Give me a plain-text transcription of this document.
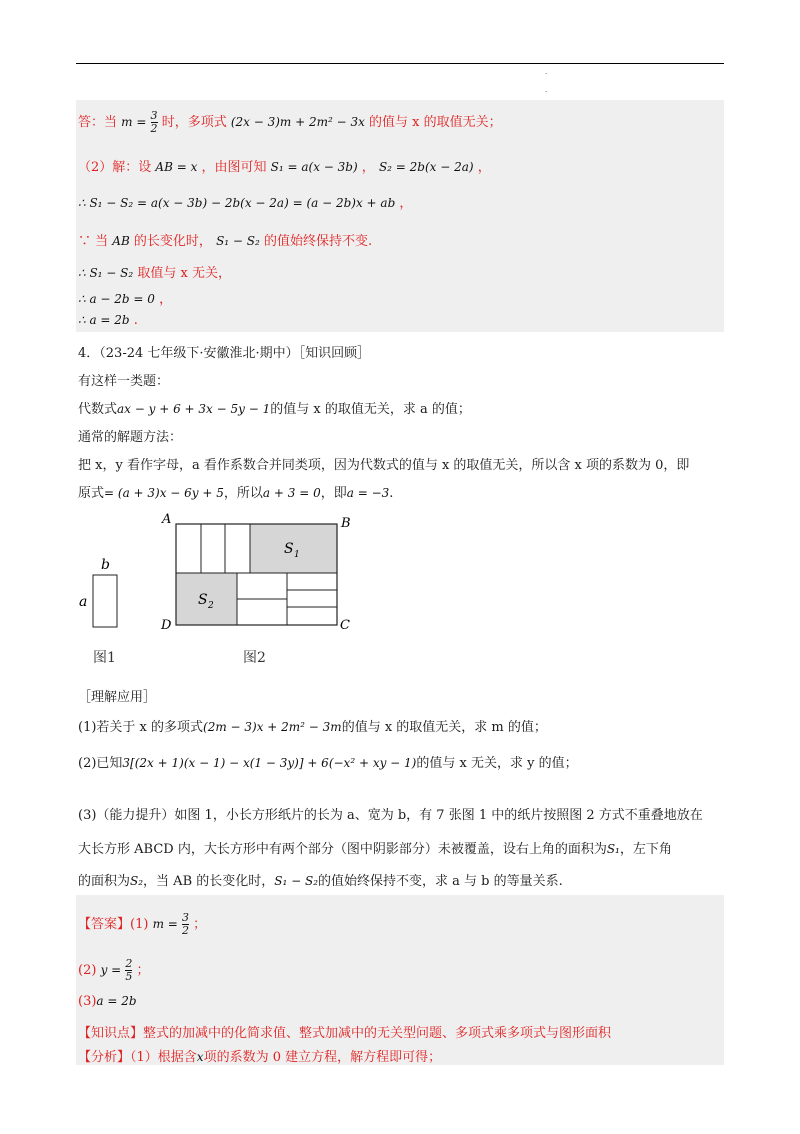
·
·
答：当 $m = \frac{3}{2}$ 时，多项式 (2x − 3)m + 2m² − 3x 的值与 x 的取值无关；
（2）解：设 AB = x ，由图可知 S₁ = a(x − 3b) ， S₂ = 2b(x − 2a) ，
∴ S₁ − S₂ = a(x − 3b) − 2b(x − 2a) = (a − 2b)x + ab ，
∵ 当 AB 的长变化时， S₁ − S₂ 的值始终保持不变.
∴ S₁ − S₂ 取值与 x 无关，
∴ a − 2b = 0 ，
∴ a = 2b .
4．（23-24 七年级下·安徽淮北·期中）［知识回顾］
有这样一类题：
代数式ax − y + 6 + 3x − 5y − 1的值与 x 的取值无关，求 a 的值；
通常的解题方法：
把 x，y 看作字母，a 看作系数合并同类项，因为代数式的值与 x 的取值无关，所以含 x 项的系数为 0，即
原式= (a + 3)x − 6y + 5，所以a + 3 = 0，即a = −3.
b
a
图1
A	B
C
D
S 1
S 2
图2
［理解应用］
(1)若关于 x 的多项式(2m − 3)x + 2m² − 3m的值与 x 的取值无关，求 m 的值；
(2)已知3[(2x + 1)(x − 1) − x(1 − 3y)] + 6(−x² + xy − 1)的值与 x 无关，求 y 的值；
(3)（能力提升）如图 1，小长方形纸片的长为 a、宽为 b，有 7 张图 1 中的纸片按照图 2 方式不重叠地放在
大长方形 ABCD 内，大长方形中有两个部分（图中阴影部分）未被覆盖，设右上角的面积为S₁，左下角
的面积为S₂，当 AB 的长变化时，S₁ − S₂的值始终保持不变，求 a 与 b 的等量关系.
【答案】(1) $m = \frac{3}{2}$ ；
(2) $y = \frac{2}{5}$ ；
(3)a = 2b
【知识点】整式的加减中的化简求值、整式加减中的无关型问题、多项式乘多项式与图形面积
【分析】（1）根据含x项的系数为 0 建立方程，解方程即可得；
